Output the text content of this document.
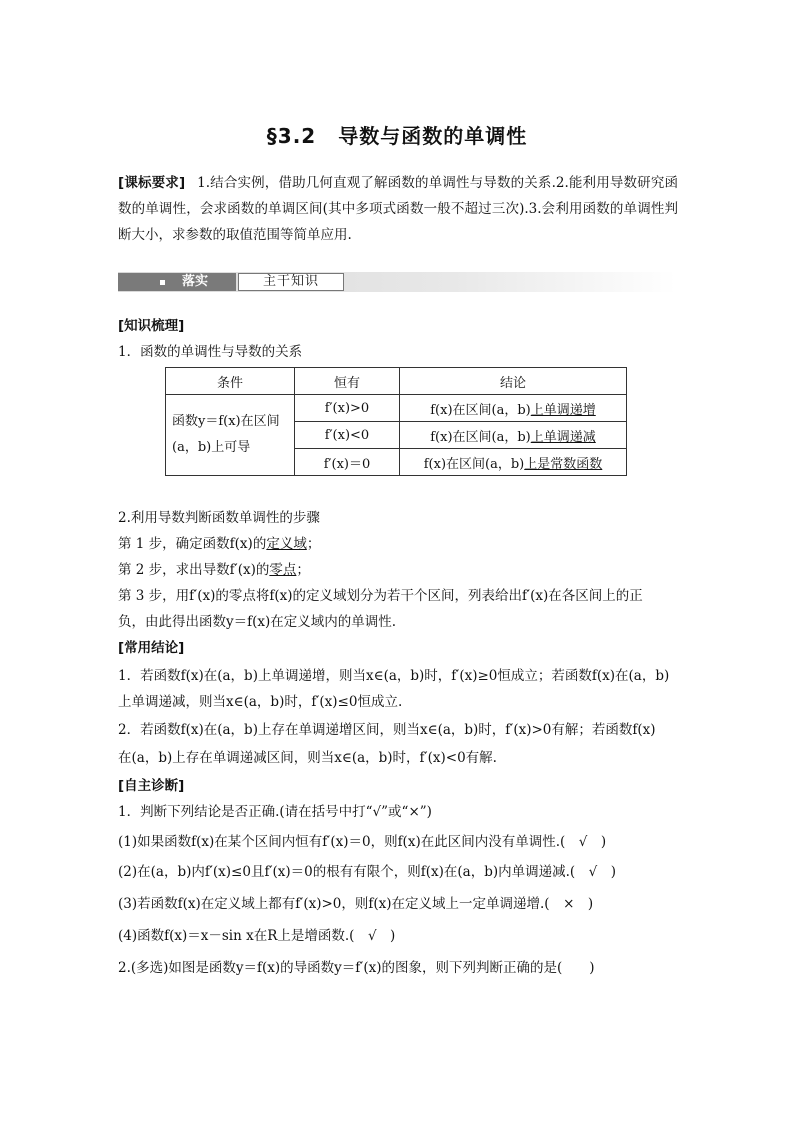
§3.2 导数与函数的单调性
[课标要求] 1.结合实例，借助几何直观了解函数的单调性与导数的关系.2.能利用导数研究函数的单调性，会求函数的单调区间(其中多项式函数一般不超过三次).3.会利用函数的单调性判断大小，求参数的取值范围等简单应用.
落实	主干知识
[知识梳理]
1．函数的单调性与导数的关系
条件	恒有	结论

函数y＝f(x)在区间
(a，b)上可导	f′(x)>0	f(x)在区间(a，b)上单调递增
	f′(x)<0	f(x)在区间(a，b)上单调递减
	f′(x)＝0	f(x)在区间(a，b)上是常数函数
2.利用导数判断函数单调性的步骤
第 1 步，确定函数f(x)的定义域；
第 2 步，求出导数f′(x)的零点；
第 3 步，用f′(x)的零点将f(x)的定义域划分为若干个区间，列表给出f′(x)在各区间上的正
负，由此得出函数y＝f(x)在定义域内的单调性.
[常用结论]
1．若函数f(x)在(a，b)上单调递增，则当x∈(a，b)时，f′(x)≥0恒成立；若函数f(x)在(a，b)
上单调递减，则当x∈(a，b)时，f′(x)≤0恒成立.
2．若函数f(x)在(a，b)上存在单调递增区间，则当x∈(a，b)时，f′(x)>0有解；若函数f(x)
在(a，b)上存在单调递减区间，则当x∈(a，b)时，f′(x)<0有解.
[自主诊断]
1．判断下列结论是否正确.(请在括号中打“√”或“×”)
(1)如果函数f(x)在某个区间内恒有f′(x)＝0，则f(x)在此区间内没有单调性.(　√　)
(2)在(a，b)内f′(x)≤0且f′(x)＝0的根有有限个，则f(x)在(a，b)内单调递减.(　√　)
(3)若函数f(x)在定义域上都有f′(x)>0，则f(x)在定义域上一定单调递增.(　×　)
(4)函数f(x)＝x－sin x在R上是增函数.(　√　)
2.(多选)如图是函数y＝f(x)的导函数y＝f′(x)的图象，则下列判断正确的是(　　)
